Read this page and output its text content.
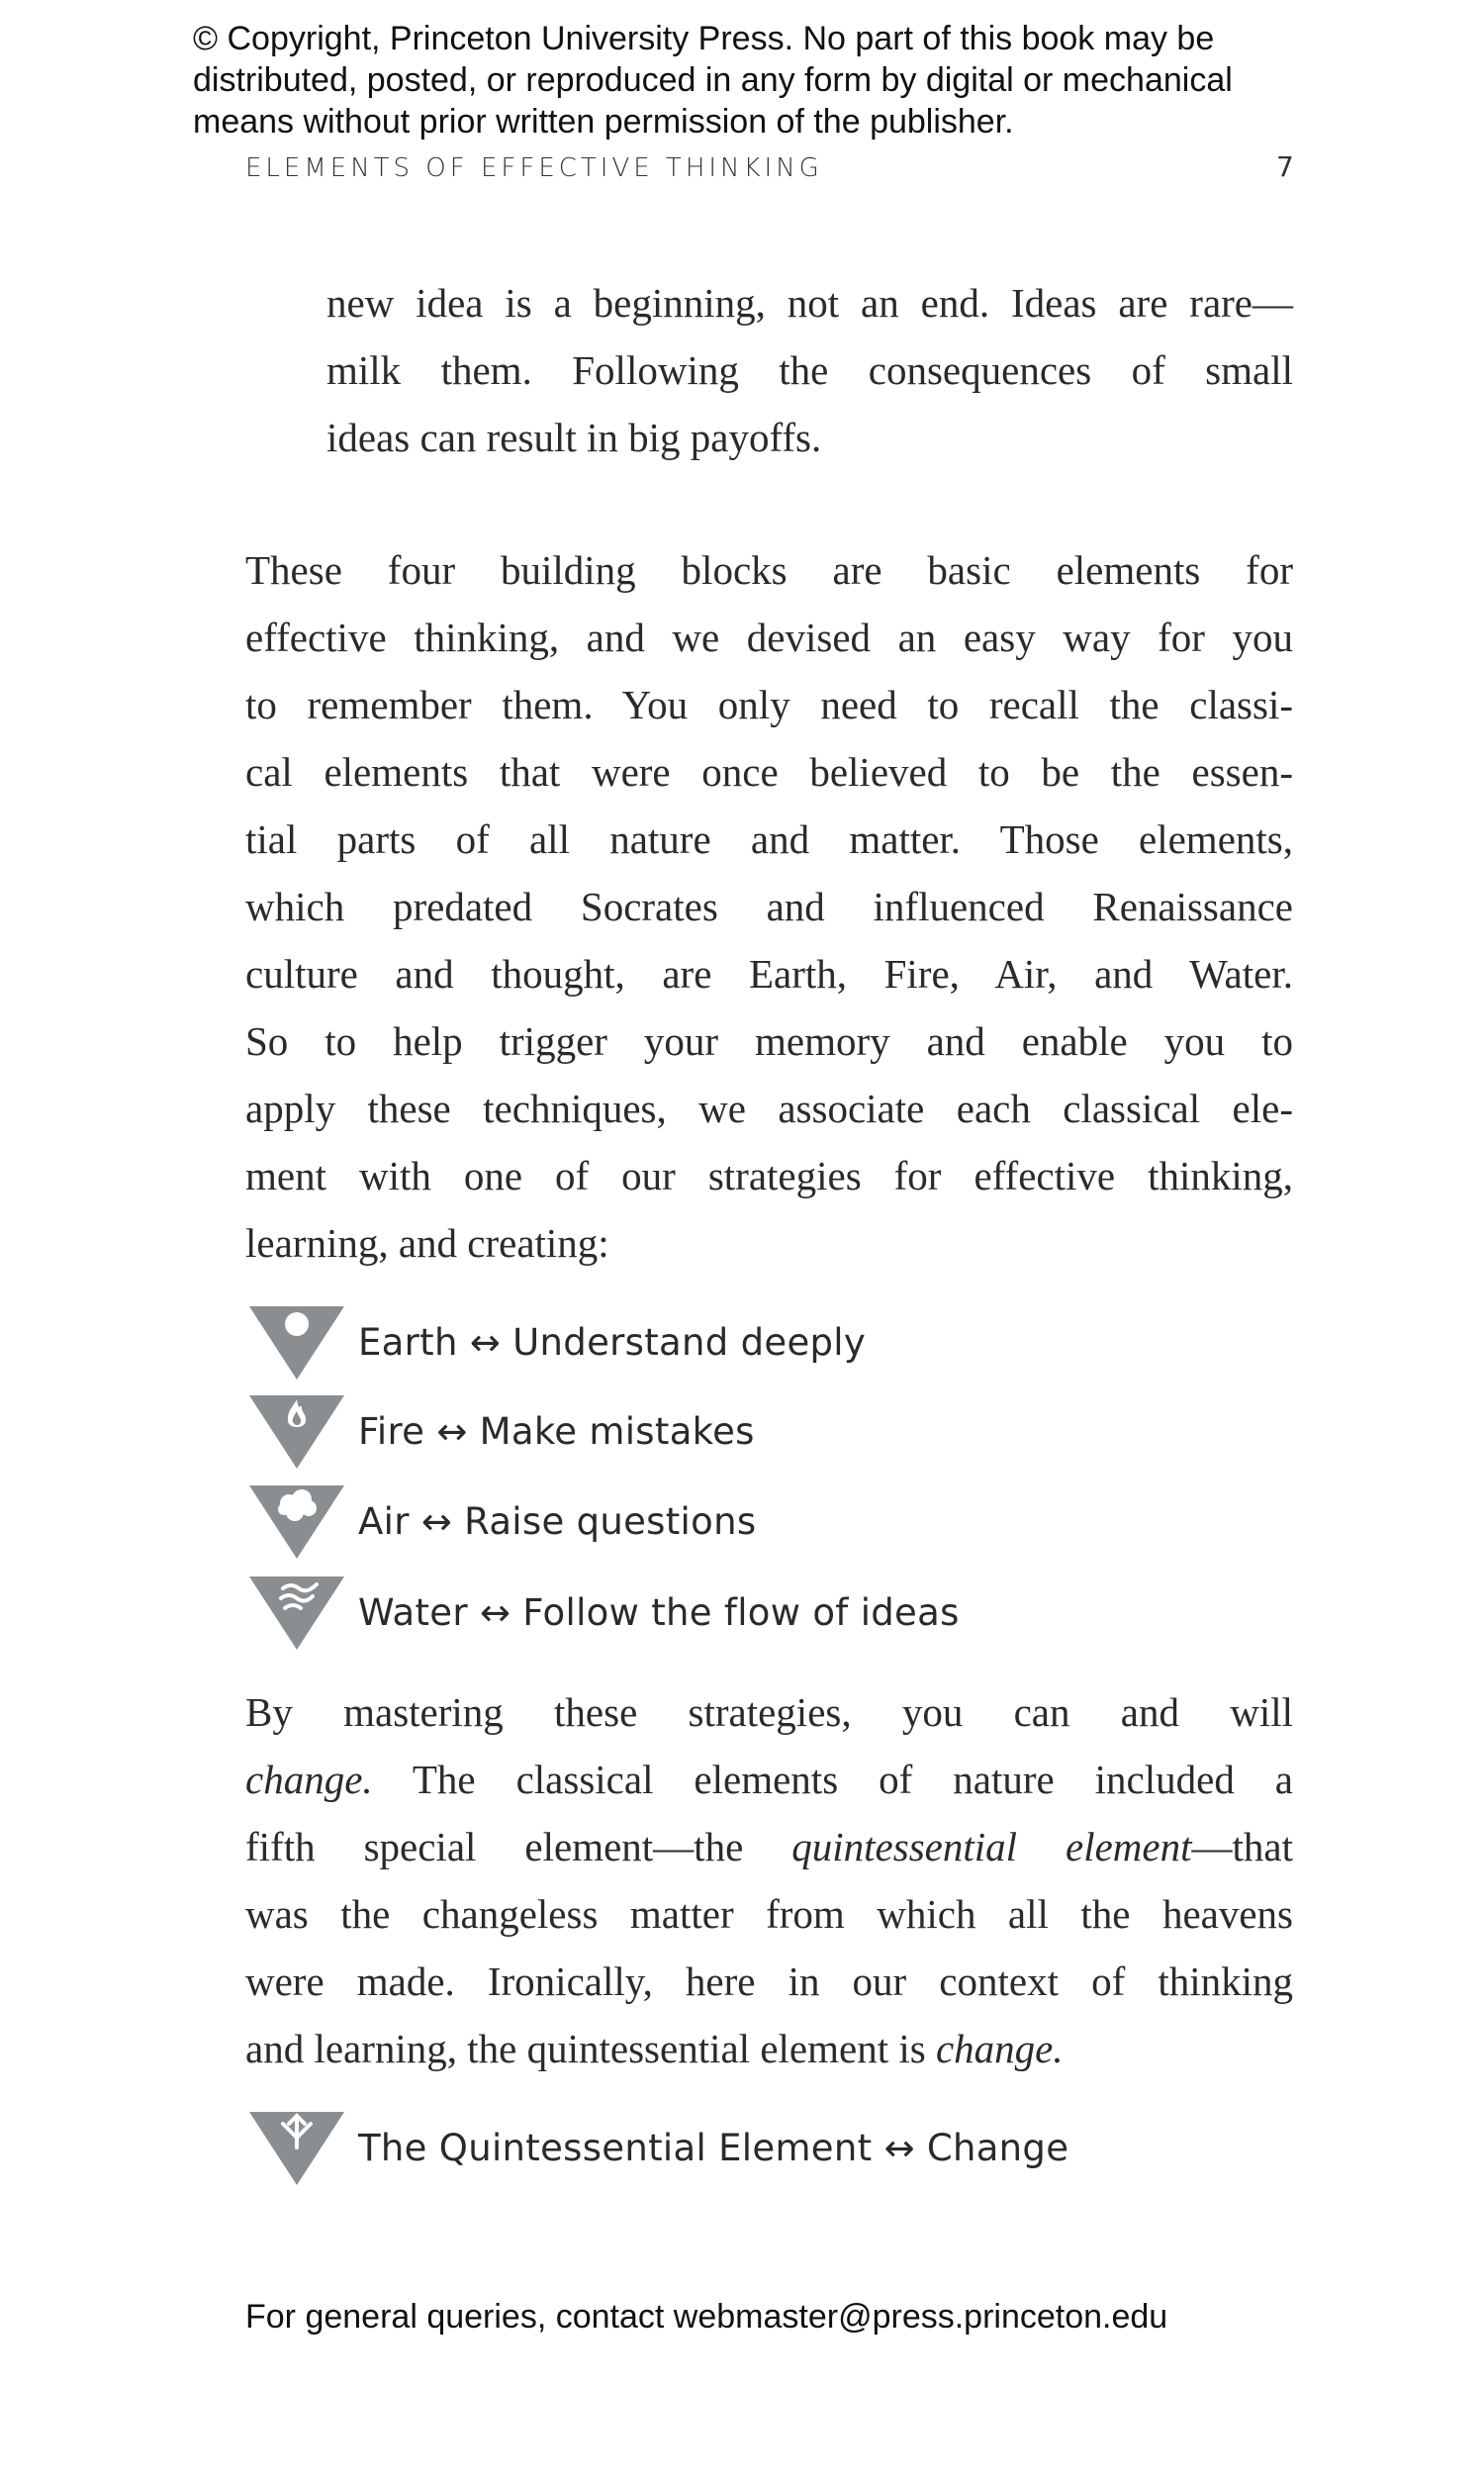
© Copyright, Princeton University Press. No part of this book may be
distributed, posted, or reproduced in any form by digital or mechanical
means without prior written permission of the publisher.
ELEMENTS OF EFFECTIVE THINKING	7
new idea is a beginning, not an end. Ideas are rare—
milk them. Following the consequences of small
ideas can result in big payoffs.
These four building blocks are basic elements for
effective thinking, and we devised an easy way for you
to remember them. You only need to recall the classi-
cal elements that were once believed to be the essen-
tial parts of all nature and matter. Those elements,
which predated Socrates and influenced Renaissance
culture and thought, are Earth, Fire, Air, and Water.
So to help trigger your memory and enable you to
apply these techniques, we associate each classical ele-
ment with one of our strategies for effective thinking,
learning, and creating:
Earth ↔ Understand deeply
Fire ↔ Make mistakes
Air ↔ Raise questions
Water ↔ Follow the flow of ideas
By mastering these strategies, you can and will
change. The classical elements of nature included a
fifth special element—the quintessential element—that
was the changeless matter from which all the heavens
were made. Ironically, here in our context of thinking
and learning, the quintessential element is change.
The Quintessential Element ↔ Change
For general queries, contact webmaster@press.princeton.edu
